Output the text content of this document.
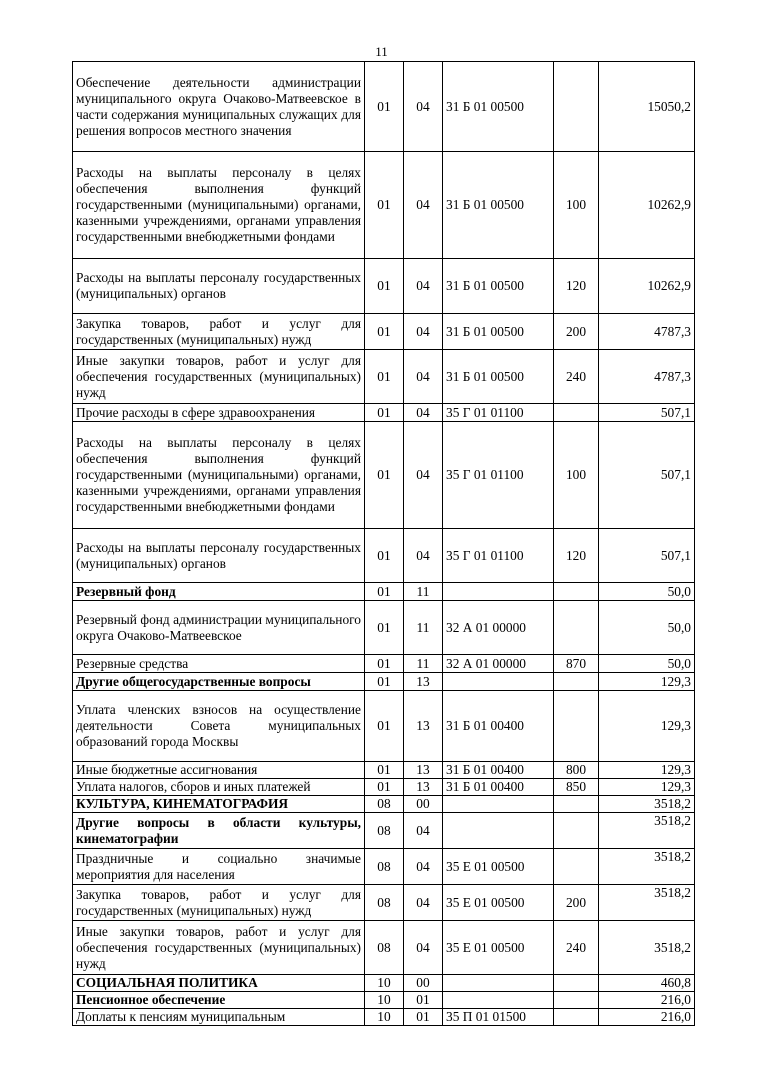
11
Обеспечение деятельности администрации муниципального округа Очаково-Матвеевское в части содержания муниципальных служащих для решения вопросов местного значения	01	04	31 Б 01 00500		15050,2
Расходы на выплаты персоналу в целях обеспечения выполнения функций государственными (муниципальными) органами, казенными учреждениями, органами управления государственными внебюджетными фондами	01	04	31 Б 01 00500	100	10262,9
Расходы на выплаты персоналу государственных (муниципальных) органов	01	04	31 Б 01 00500	120	10262,9
Закупка товаров, работ и услуг для государственных (муниципальных) нужд	01	04	31 Б 01 00500	200	4787,3
Иные закупки товаров, работ и услуг для обеспечения государственных (муниципальных) нужд	01	04	31 Б 01 00500	240	4787,3
Прочие расходы в сфере здравоохранения	01	04	35 Г 01 01100		507,1
Расходы на выплаты персоналу в целях обеспечения выполнения функций государственными (муниципальными) органами, казенными учреждениями, органами управления государственными внебюджетными фондами	01	04	35 Г 01 01100	100	507,1
Расходы на выплаты персоналу государственных (муниципальных) органов	01	04	35 Г 01 01100	120	507,1
Резервный фонд	01	11			50,0
Резервный фонд администрации муниципального округа Очаково-Матвеевское	01	11	32 А 01 00000		50,0
Резервные средства	01	11	32 А 01 00000	870	50,0
Другие общегосударственные вопросы	01	13			129,3
Уплата членских взносов на осуществление деятельности Совета муниципальных образований города Москвы	01	13	31 Б 01 00400		129,3
Иные бюджетные ассигнования	01	13	31 Б 01 00400	800	129,3
Уплата налогов, сборов и иных платежей	01	13	31 Б 01 00400	850	129,3
КУЛЬТУРА, КИНЕМАТОГРАФИЯ	08	00			3518,2
Другие вопросы в области культуры, кинематографии	08	04			3518,2
Праздничные и социально значимые мероприятия для населения	08	04	35 Е 01 00500		3518,2
Закупка товаров, работ и услуг для государственных (муниципальных) нужд	08	04	35 Е 01 00500	200	3518,2
Иные закупки товаров, работ и услуг для обеспечения государственных (муниципальных) нужд	08	04	35 Е 01 00500	240	3518,2
СОЦИАЛЬНАЯ ПОЛИТИКА	10	00			460,8
Пенсионное обеспечение	10	01			216,0
Доплаты к пенсиям муниципальным	10	01	35 П 01 01500		216,0
